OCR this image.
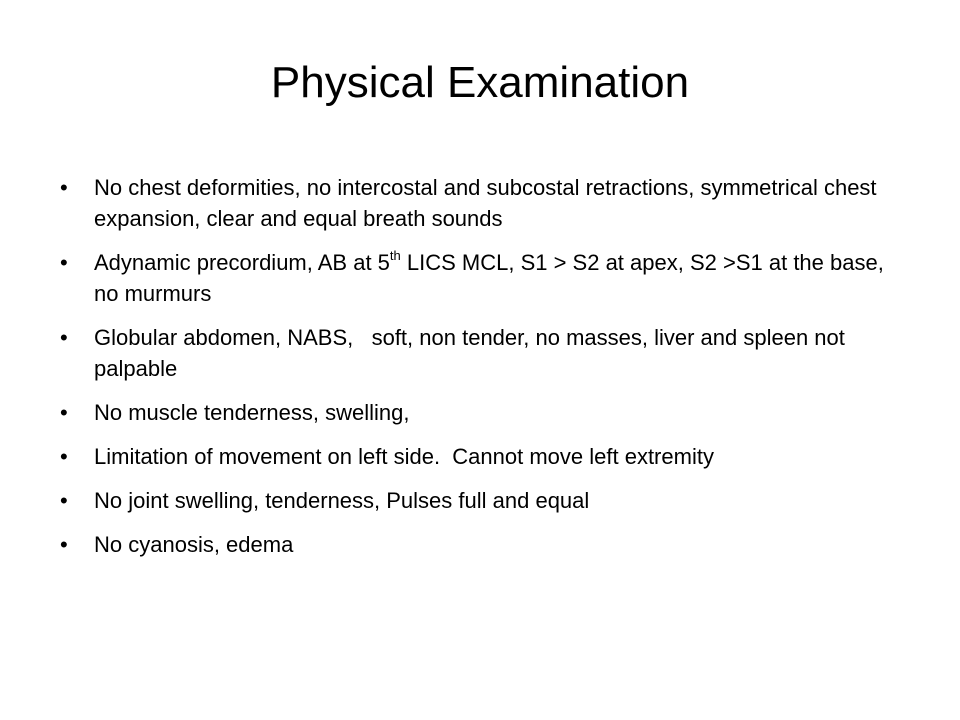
Physical Examination
• No chest deformities, no intercostal and subcostal retractions, symmetrical chest expansion, clear and equal breath sounds
• Adynamic precordium, AB at 5th LICS MCL, S1 > S2 at apex, S2 >S1 at the base, no murmurs
• Globular abdomen, NABS,   soft, non tender, no masses, liver and spleen not palpable
• No muscle tenderness, swelling,
• Limitation of movement on left side.  Cannot move left extremity
• No joint swelling, tenderness, Pulses full and equal
• No cyanosis, edema
